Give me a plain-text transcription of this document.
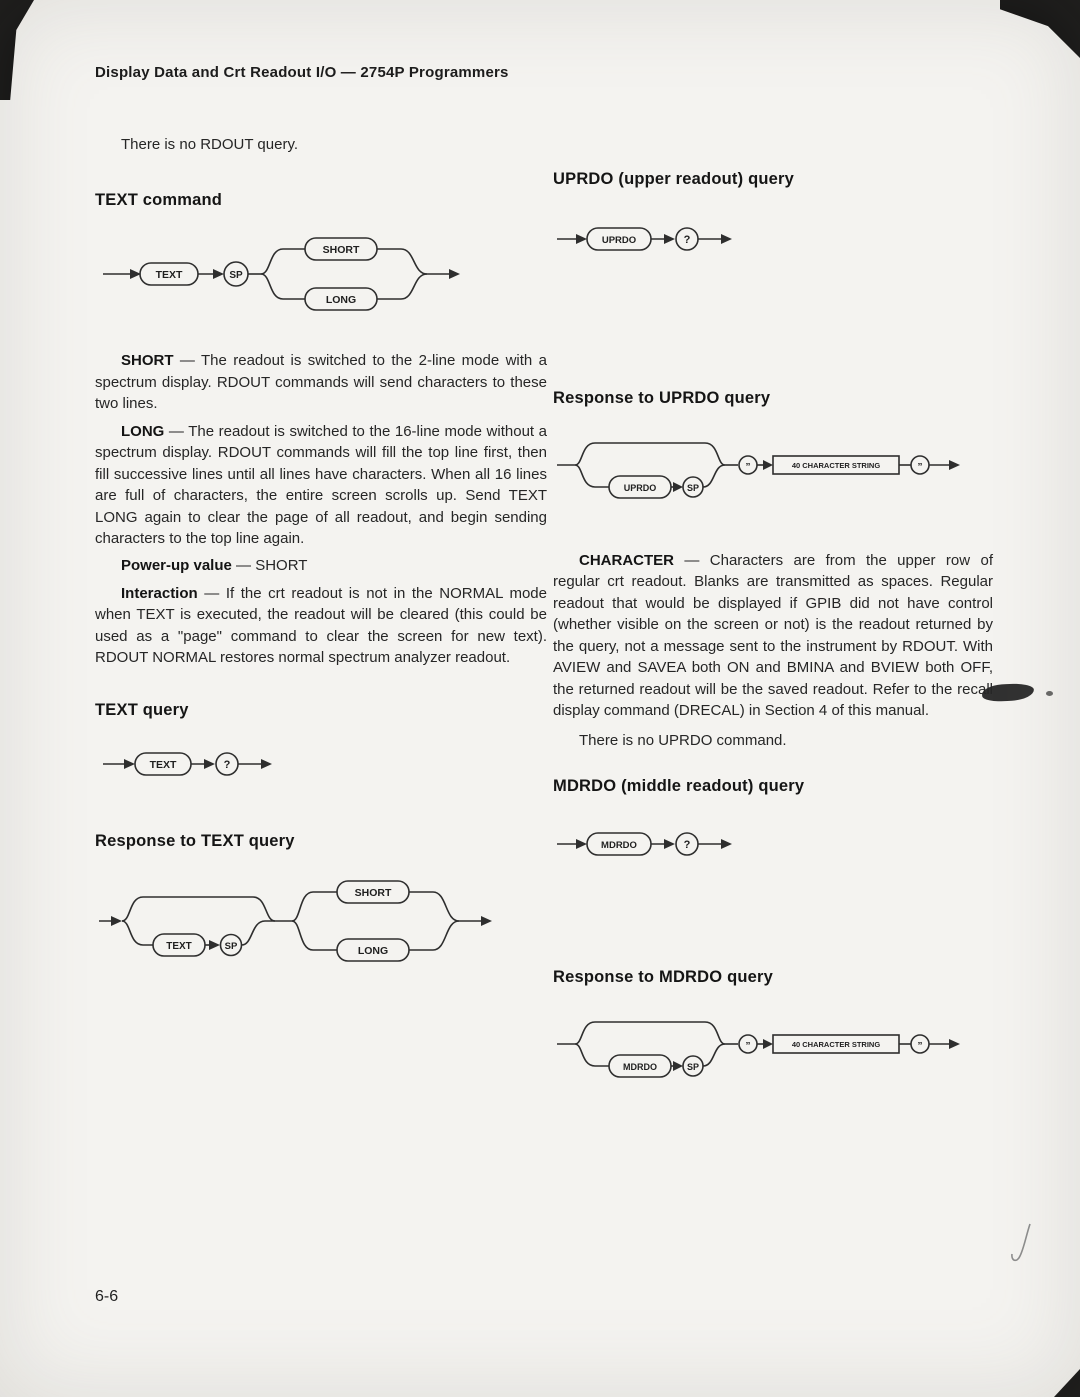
Display Data and Crt Readout I/O — 2754P Programmers

There is no RDOUT query.

TEXT command
TEXT	SP
SHORT
LONG

SHORT — The readout is switched to the 2-line mode with a spectrum display. RDOUT commands will send characters to these two lines.

LONG — The readout is switched to the 16-line mode without a spectrum display. RDOUT commands will fill the top line first, then fill successive lines until all lines have characters. When all 16 lines are full of characters, the entire screen scrolls up. Send TEXT LONG again to clear the page of all readout, and begin sending characters to the top line again.

Power-up value — SHORT

Interaction — If the crt readout is not in the NORMAL mode when TEXT is executed, the readout will be cleared (this could be used as a "page" command to clear the screen for new text). RDOUT NORMAL restores normal spectrum analyzer readout.

TEXT query
TEXT	?
Response to TEXT query
TEXT	SP
SHORT
LONG
UPRDO (upper readout) query
UPRDO	?
Response to UPRDO query
UPRDO	SP
”	40 CHARACTER STRING	”

CHARACTER — Characters are from the upper row of regular crt readout. Blanks are transmitted as spaces. Regular readout that would be displayed if GPIB did not have control (whether visible on the screen or not) is the readout returned by the query, not a message sent to the instrument by RDOUT. With AVIEW and SAVEA both ON and BMINA and BVIEW both OFF, the returned readout will be the saved readout. Refer to the recall display command (DRECAL) in Section 4 of this manual.

There is no UPRDO command.

MDRDO (middle readout) query
MDRDO	?
Response to MDRDO query
MDRDO	SP
”	40 CHARACTER STRING	”
6-6
